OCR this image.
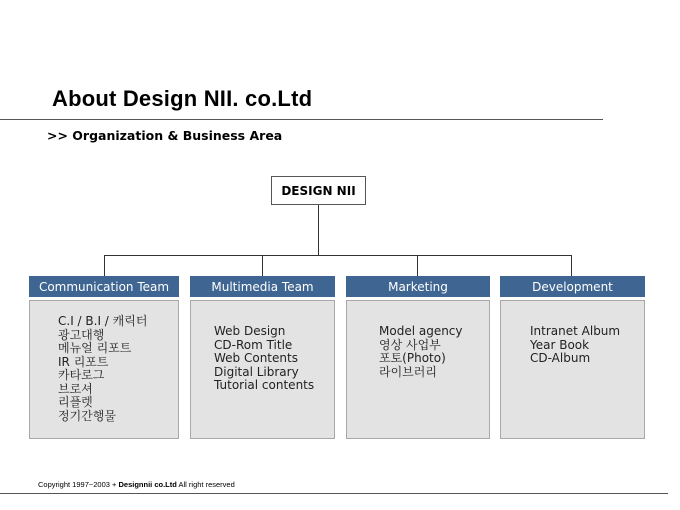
About Design NII. co.Ltd
>> Organization & Business Area
DESIGN NII
Communication Team
C.I / B.I / 캐릭터
광고대행
메뉴얼 리포트
IR 리포트
카타로그
브로셔
리플렛
정기간행물
Multimedia Team
Web Design
CD-Rom Title
Web Contents
Digital Library
Tutorial contents
Marketing
Model agency
영상 사업부
포토(Photo)
라이브러리
Development
Intranet Album
Year Book
CD-Album
Copyright 1997~2003 + Designnii co.Ltd All right reserved
